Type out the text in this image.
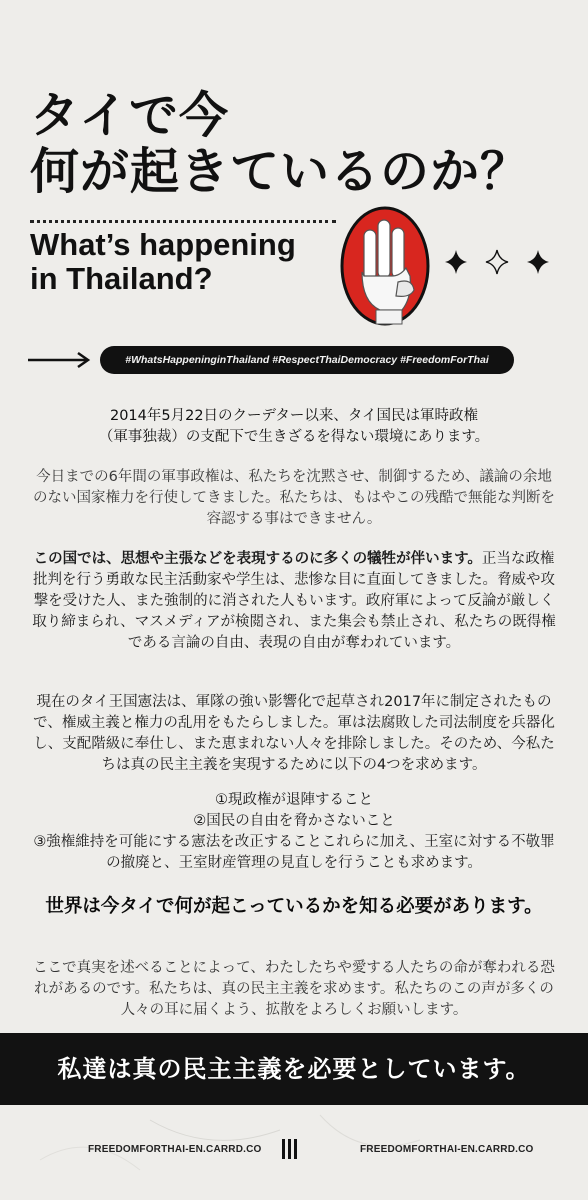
タイで今
何が起きているのか？
What’s happening
in Thailand?
#WhatsHappeninginThailand #RespectThaiDemocracy #FreedomForThai

2014年5月22日のクーデター以来、タイ国民は軍時政権
（軍事独裁）の支配下で生きざるを得ない環境にあります。

今日までの6年間の軍事政権は、私たちを沈黙させ、制御するため、議論の余地のない国家権力を行使してきました。私たちは、もはやこの残酷で無能な判断を容認する事はできません。

この国では、思想や主張などを表現するのに多くの犠牲が伴います。正当な政権批判を行う勇敢な民主活動家や学生は、悲惨な目に直面してきました。脅威や攻撃を受けた人、また強制的に消された人もいます。政府軍によって反論が厳しく取り締まられ、マスメディアが検閲され、また集会も禁止され、私たちの既得権である言論の自由、表現の自由が奪われています。

現在のタイ王国憲法は、軍隊の強い影響化で起草され2017年に制定されたもので、権威主義と権力の乱用をもたらしました。軍は法腐敗した司法制度を兵器化し、支配階級に奉仕し、また恵まれない人々を排除しました。そのため、今私たちは真の民主主義を実現するために以下の4つを求めます。

①現政権が退陣すること
②国民の自由を脅かさないこと
③強権維持を可能にする憲法を改正することこれらに加え、王室に対する不敬罪の撤廃と、王室財産管理の見直しを行うことも求めます。

世界は今タイで何が起こっているかを知る必要があります。

ここで真実を述べることによって、わたしたちや愛する人たちの命が奪われる恐れがあるのです。私たちは、真の民主主義を求めます。私たちのこの声が多くの人々の耳に届くよう、拡散をよろしくお願いします。

私達は真の民主主義を必要としています。
FREEDOMFORTHAI-EN.CARRD.CO	FREEDOMFORTHAI-EN.CARRD.CO
